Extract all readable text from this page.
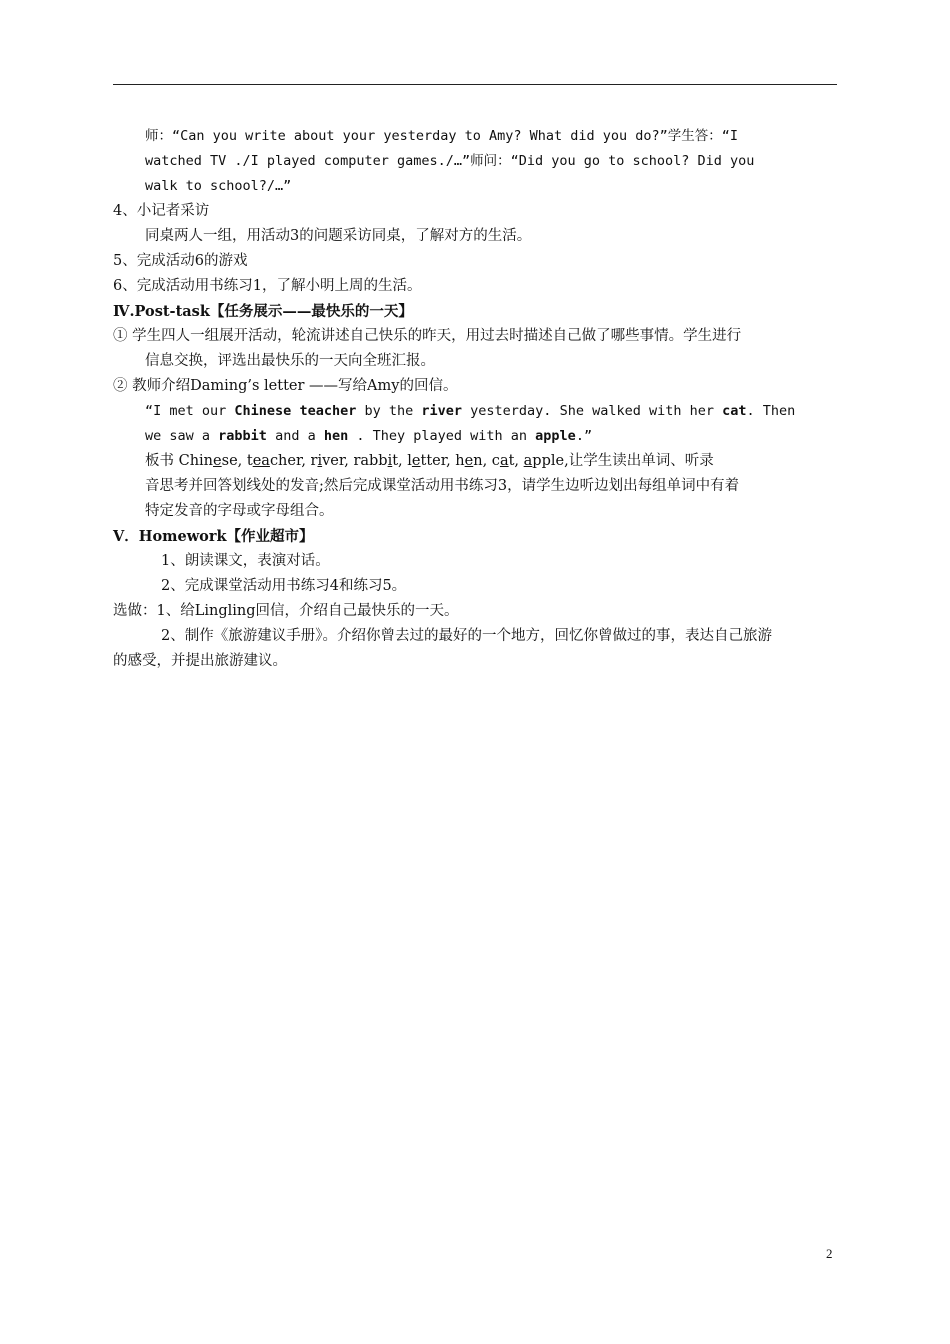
师：“Can you write about your yesterday to Amy? What did you do?”学生答：“I
watched TV ./I played computer games./…”师问：“Did you go to school? Did you
walk to school?/…”
4、小记者采访
同桌两人一组，用活动3的问题采访同桌，了解对方的生活。
5、完成活动6的游戏
6、完成活动用书练习1，了解小明上周的生活。
Ⅳ.Post-task【任务展示——最快乐的一天】
① 学生四人一组展开活动，轮流讲述自己快乐的昨天，用过去时描述自己做了哪些事情。学生进行
信息交换，评选出最快乐的一天向全班汇报。
② 教师介绍Daming’s letter ——写给Amy的回信。
“I met our Chinese teacher by the river yesterday. She walked with her cat. Then
we saw a rabbit and a hen . They played with an apple.”
板书 Chinese, teacher, river, rabbit, letter, hen, cat, apple,让学生读出单词、听录
音思考并回答划线处的发音;然后完成课堂活动用书练习3，请学生边听边划出每组单词中有着
特定发音的字母或字母组合。
V．Homework【作业超市】
1、朗读课文，表演对话。
2、完成课堂活动用书练习4和练习5。
选做：1、给Lingling回信，介绍自己最快乐的一天。
2、制作《旅游建议手册》。介绍你曾去过的最好的一个地方，回忆你曾做过的事，表达自己旅游
的感受，并提出旅游建议。
2
